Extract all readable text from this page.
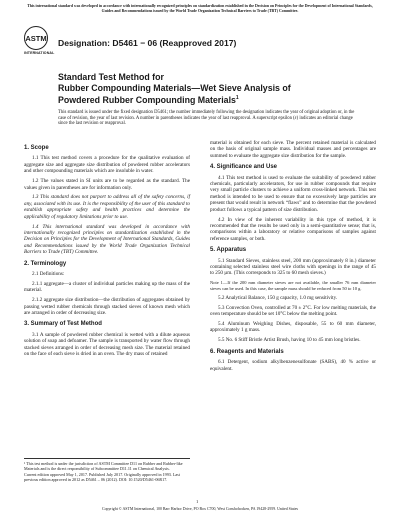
This international standard was developed in accordance with internationally recognized principles on standardization established in the Decision on Principles for the Development of International Standards, Guides and Recommendations issued by the World Trade Organization Technical Barriers to Trade (TBT) Committee.
ASTM
INTERNATIONAL
Designation: D5461 − 06 (Reapproved 2017)
Standard Test Method for
Rubber Compounding Materials—Wet Sieve Analysis of
Powdered Rubber Compounding Materials$^1$
This standard is issued under the fixed designation D5461; the number immediately following the designation indicates the year of original adoption or, in the case of revision, the year of last revision. A number in parentheses indicates the year of last reapproval. A superscript epsilon (ε) indicates an editorial change since the last revision or reapproval.
1. Scope

1.1 This test method covers a procedure for the qualitative evaluation of aggregate size and aggregate size distribution of powdered rubber accelerators and other compounding materials which are insoluble in water.

1.2 The values stated in SI units are to be regarded as the standard. The values given in parentheses are for information only.

1.3 This standard does not purport to address all of the safety concerns, if any, associated with its use. It is the responsibility of the user of this standard to establish appropriate safety and health practices and determine the applicability of regulatory limitations prior to use.

1.4 This international standard was developed in accordance with internationally recognized principles on standardization established in the Decision on Principles for the Development of International Standards, Guides and Recommendations issued by the World Trade Organization Technical Barriers to Trade (TBT) Committee.

2. Terminology

2.1 Definitions:

2.1.1 aggregate—a cluster of individual particles making up the mass of the material.

2.1.2 aggregate size distribution—the distribution of aggregates obtained by passing wetted rubber chemicals through stacked sieves of known mesh which are arranged in order of decreasing size.

3. Summary of Test Method

3.1 A sample of powdered rubber chemical is wetted with a dilute aqueous solution of soap and defoamer. The sample is transported by water flow through stacked sieves arranged in order of decreasing mesh size. The material retained on the face of each sieve is dried in an oven. The dry mass of retained

¹ This test method is under the jurisdiction of ASTM Committee D11 on Rubber and Rubber-like Materials and is the direct responsibility of Subcommittee D11.11 on Chemical Analysis.

Current edition approved May 1, 2017. Published July 2017. Originally approved in 1993. Last previous edition approved in 2012 as D5461 – 06 (2012). DOI: 10.1520/D5461-06R17.

material is obtained for each sieve. The percent retained material is calculated on the basis of original sample mass. Individual masses and percentages are summed to evaluate the aggregate size distribution for the sample.

4. Significance and Use

4.1 This test method is used to evaluate the suitability of powdered rubber chemicals, particularly accelerators, for use in rubber compounds that require very small particle clusters to achieve a uniform cross-linked network. This test method is intended to be used to ensure that no excessively large particles are present that would result in network “flaws” and to determine that the powdered product follows a typical pattern of size distribution.

4.2 In view of the inherent variability in this type of method, it is recommended that the results be used only in a semi-quantitative sense; that is, comparisons within a laboratory or relative comparisons of samples against reference samples, or both.

5. Apparatus

5.1 Standard Sieves, stainless steel, 200 mm (approximately 8 in.) diameter containing selected stainless steel wire cloths with openings in the range of 45 to 250 µm. (This corresponds to 325 to 60 mesh sieves.)

Note 1—If the 200 mm diameter sieves are not available, the smaller 76 mm diameter sieves can be used. In this case, the sample mass should be reduced from 50 to 10 g.

5.2 Analytical Balance, 150 g capacity, 1.0 mg sensitivity.

5.3 Convection Oven, controlled at 70 ± 2°C. For low melting materials, the oven temperature should be set 10°C below the melting point.

5.4 Aluminum Weighing Dishes, disposable, 55 to 60 mm diameter, approximately 1 g mass.

5.5 No. 6 Stiff Bristle Artist Brush, having 10 to 45 mm long bristles.

6. Reagents and Materials

6.1 Detergent, sodium alkylbenzenesulfonate (SABS), 40 % active or equivalent.

1
Copyright © ASTM International, 100 Barr Harbor Drive, PO Box C700, West Conshohocken, PA 19428-2959. United States
